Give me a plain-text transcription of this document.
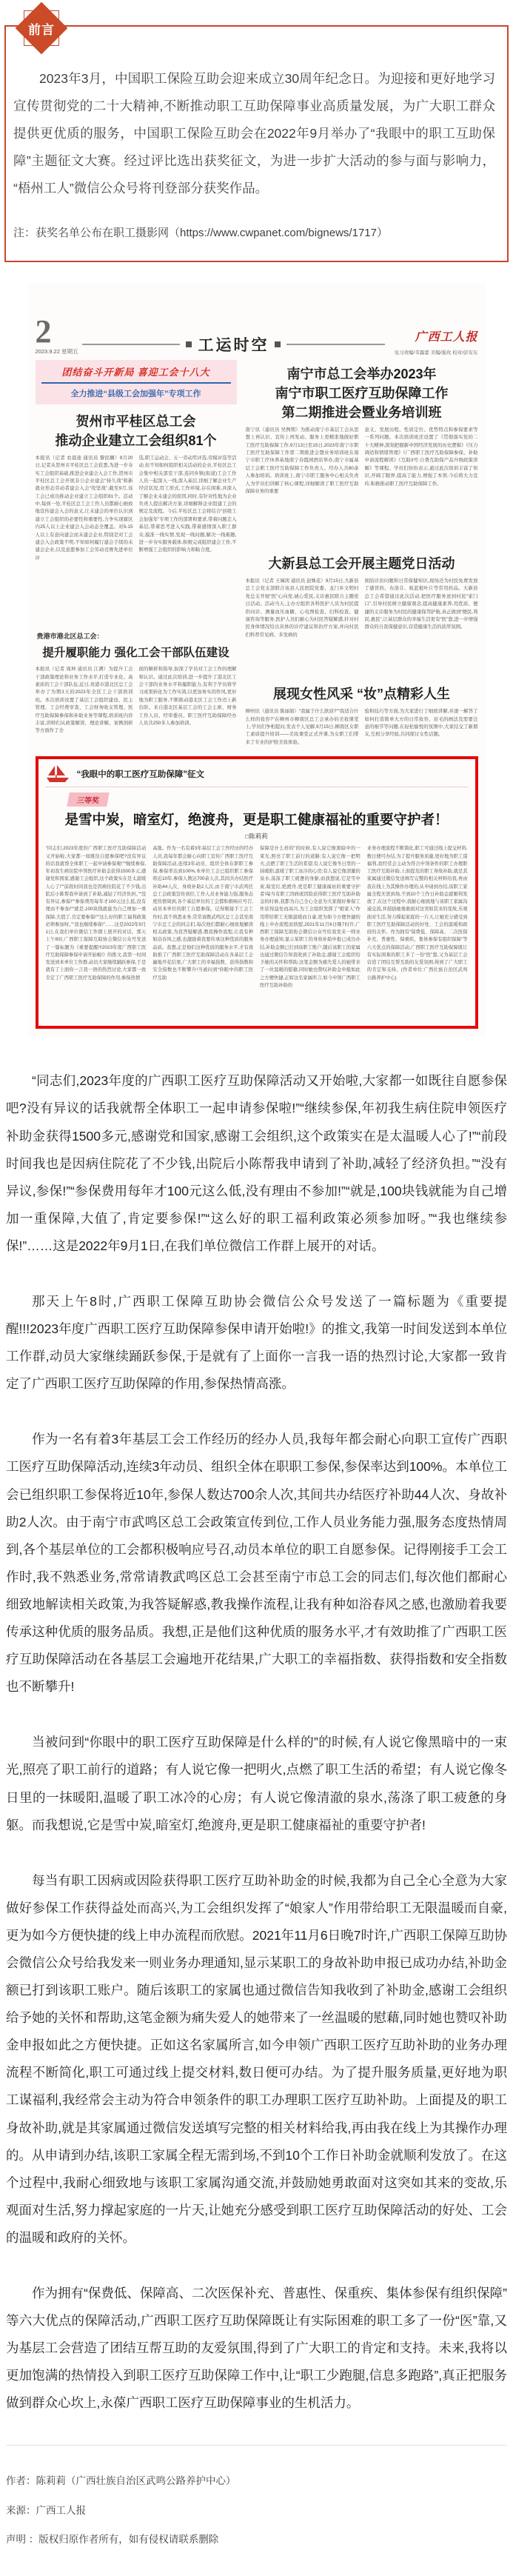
前言
2023年3月，中国职工保险互助会迎来成立30周年纪念日。为迎接和更好地学习宣传贯彻党的二十大精神,不断推动职工互助保障事业高质量发展，为广大职工群众提供更优质的服务，中国职工保险互助会在2022年9月举办了“我眼中的职工互助保障”主题征文大赛。经过评比选出获奖征文，为进一步扩大活动的参与面与影响力，“梧州工人”微信公众号将刊登部分获奖作品。
注：获奖名单公布在职工摄影网（https://www.cwpanet.com/bignews/1717）
2
2023.9.22 星期五	工运时空	广西工人报
见习责编/韦露蕾 美编/强玫 校对/彭安东
团结奋斗开新局 喜迎工会十八大
全力推进“县级工会加强年”专项工作
贺州市平桂区总工会
推动企业建立工会组织81个
本报讯（记者 农晨迪 通讯员 黎民願）9月20日,记者从贺州市平桂区总工会获悉,为进一步夯实工会组织基础,推进企业建会入会工作,贺州市平桂区总工会开展非公企业建会“持久战”和新就业形态劳动者建会入会“攻坚战”,截至9月,该工会已成功推动企业建立工会组织81个。活动中,每到一处,平桂区总工会工作人员都耐心细致地宣传建会入会的意义,让未建会的单位认识到建立工会组织的必要性和重要性,力争实现辖区内25人以上企业建会入会动态全覆盖。对5-15人以上有意向建会而未建会企业,特别是对工会建会入会政策不明,不知如何履行建会手续的未建会企业,以及意愿参加工会劳动竞赛先进单位评
选,职工运动会、五一劳动奖评选,劳模评选等活动,但不知如何组织相关活动的企业,平桂区总工会集中相关部室干部,连同乡镇(街道)工会工作人员一起深入一线,深入基层,详细了解企业生产经营状况,用工形式,工作环境,存在困难,并深入了解企业未建会的原因,同时,有针对性地为企业负责人提出解决方案,详细解释企业组建工会的规定及流程。今后,平桂区总工会将结合“县级工会加强年”专项工作的部署和要求,带着问题走入基层,带着思考进入实践,带着感情深入职工群众,摸准一线实情,发现一线问题,解决一线难题,进一步夯实服务载体,积极完成组织建会工作,不断增强工会组织的影响力和粘合度。
贵港市港北区总工会：
提升履职能力 强化工会干部队伍建设
本报讯（记者 周坤 通讯员 江满）为提升工会干部政策理论和业务工作水平,打造专业化、高素质的工会干部队伍,近日,贵港市港北区总工会举办了为期3天的2023年全区工会干部培训班。本次培训设置了基层工会组织建设、民主管理、工会经费审查、工会财务收支管理、医疗互助保障参保和补助业务等课程,培训班内容丰富,讲师们从政策解读、理论讲解、案例剖析等方面作了全
面的解析和指导,加深了学员对工会工作的理解和认识。通过此次培训,进一步提升了港北区工会干部的业务水平和履职能力,有利于学员将学习成果转化为工作实效,以更加务实的作风,更好地为职工服务,不断推动港北区工会工作迈上新台阶。来自港北区基层工会的工会主席、财务工作人员、经审委员、职工医疗互助保障经办人员共250多人参加培训。
南宁市总工会举办2023年
南宁市职工医疗互助保障工作
第二期推进会暨业务培训班
南宁讯（通讯员 吴例期）为推动南宁市基层工会从思想上再认识、宣传上再发动、服务上更精准地做好职工医疗互助保障工作,9月13日至15日,2023年南宁市职工医疗互助保障工作第二期推进会暨业务培训班在南宁市职工疗休养基地南宁春霞园酒店举办,南宁市属基层工会职工医疗互助保障工作负责人、经办人共80余人参加培训。培训班上,南宁市职工服务中心相关负责人为学员们讲解了核心课程,详细解读了职工医疗互助保障业务的重要
意义、发展历程、性质定位、优势特点和参保要求等一系列问题。本次培训班还设置了《贯彻落实党的二十大精神,深刻把握新中国经济发展的历史逻辑》《压力调适和情绪管理》《广西职工医疗互助保障参保、补助申请流程解读》《互助3号:自费互助保产品升级政策讲解》等课程。学员们纷纷表示,通过此次培训丰富了知识,开阔了眼界,提高了能力,增强了本领,今后将大力宣传,积极推动职工医疗互助保障工作。
大新县总工会开展主题党日活动
本报讯（记者 王娣茜 通讯员 赵姝花）9月15日,大新县总工会党支部联合该县人民医院党委、龙门乡文明村党总支开展“医”心向党,诚心爱民,义诊惠民联合主题党日活动。活动当天,主办方组织各科医护人员为村民提供问诊、测量血压血糖、心电图检查、妇科检查、健康咨询等服务,医护人员们耐心为村民答疑解惑,针对村民身体情况给出具体的诊疗建议和治疗方案,并向村民们科普常见病、多发病的
预防诊治问题和日常保健知识,现场还为村民免费发放了感冒药、布洛芬、板蓝根叶片等常用药品。大新县总工会希望通过此次活动,把医疗服务送到村民“家门口”,引导村民树立健康观念,提高健康素养,用优质、便捷的义诊服务为村民的健康保驾护航,真正做到“便民,利民,惠民”,让基层群众的幸福生活更有“医”靠,进一步增强群众的自我保健意识,营造健康生活的浓厚氛围。
展现女性风采 “妆”点精彩人生
柳州讯（通讯员 陈丽娟）“我属于什么肤质?”“我适合什么样的妆容?”在柳州市柳南区总工会承办的美妆课堂上,学员们争相提问,发表个人见解,9月15日,柳南区女职工素质提升培训——美妆课堂正式开课,为女职工们带来了专业的护肤美妆体验。
验和技巧等方面,为大家进行了细致讲解,并逐一解答了如何打造简单大方的日常妆容、眉毛的画法及需要注意的细节等问题,在轻松愉悦的氛围中,大家结交了新朋友,互相分享经验,共同探讨女性话题。
“我眼中的职工医疗互助保障”征文
三等奖
是雪中炭，暗室灯，绝渡舟，更是职工健康福祉的重要守护者！
□陈莉莉
“同志们,2023年度的广西职工医疗互助保障活动又开始啦,大家都一如既往自愿参保吧?没有异议的话我就帮全体职工一起申请参保啦!”“继续参保,年初我生病住院申领医疗补助金获得1500多元,感谢党和国家,感谢工会组织,这个政策实在是太温暖人心了!”“前段时间我也是因病住院花了不少钱,出院后小陈帮我申请到了补助,减轻了经济负担。”“没有异议,参保!”“参保费用每年才100元这么低,没有理由不参加!”“就是,100块钱就能为自己增加一重保障,大值了,肯定要参保!”“这么好的职工福利政策必须参加呀。”“我也继续参保!”……这是2022年9月1日,在我们单位微信工作群上展开的对话。那天上午8时,广西职工保障互助协会微信公众号发送了一篇标题为《重要提醒!!!2023年度广西职工医疗互助保障参保申请开始啦!》的推文,我第一时间发送到本单位工作群,动员大家继续踊跃参保,于是就有了上面你一言我一语的热烈讨论,大家都一致肯定了广西职工医疗互助保障的作用,参保热情
高涨。作为一名有着3年基层工会工作经历的经办人员,我每年都会耐心向职工宣传广西职工医疗互助保障活动,连续3年动员、组织全体在职职工参保,参保率达到100%,本单位工会已组织职工参保将近10年,参保人数达700余人次,其间共办结医疗补助44人次、身故补助2人次,由于南宁市武鸣区总工会政策宣传到位,工作人员业务能力强,服务态度热情周到,各个基层单位的工会都积极响应号召,动员本单位的职工自愿参保。记得刚接手工会工作时,我不熟悉业务,常常请教武鸣区总工会甚至南宁市总工会的同志们,每次他们都耐心细致地解读相关政策,为我答疑解惑,教我操作流程,让我有种如浴春风之感,也激励着我要传承这种优质的服务品质。我想,正是他们这种优质的服务水平,才有效助推了广西职工医疗互助保障活动在各基层工会遍地开花结果,广大职工的幸福指数、获得指数和安全指数也不断攀升!当被问到“你眼中的职工医疗互助
保障是什么样的”的时候,有人说它像黑暗中的一束光,照亮了职工前行的道路;有人说它像一把明火,点燃了职工生活的希望;有人说它像冬日里的一抹暖阳,温暖了职工冰冷的心房;有人说它像清澈的泉水,荡涤了职工疲惫的身躯,而我想说,它是雪中炭,暗室灯,绝渡舟,更是职工健康福祉的重要守护者!每当有职工因病或因险获得职工医疗互助补助金的时候,我都为自己全心全意为大家做好参保工作获得益处而高兴,为工会组织发挥了“娘家人”作用带给职工无限温暖而自豪,更为如今方便快捷的线上申办流程而欣慰,2021年11月6日晚7时许,广西职工保障互助协会微信公众号给我发来一则业务办理通知,显示某职工的身故补助申报已成功办结,补助金额已打到该职工账户,随后该职工的家属也通过微信告知我收到了补助金,感谢工会组织给予她的关怀和帮助,这笔金额为痛失爱人的她带来了一丝温暖的慰藉,同时她也赞叹补助金申报如此之方便快捷,正如这名家属所言,如今申领广西职工医疗互助补助的
业务办理流程不断简化,职工可通过线上提交材料,数日便可办结,为了提升服务质量,更好地为职工谋福利,我经常会主动为符合申领条件的职工办理职工医疗互助补助,上面提及的职工身故补助,就是其家属通过微信发送填写完整的相关材料给我,再由我在线上为其操作办理的,从申请到办结,该职工家属全程无需到场,不到10个工作日补助金就顺利发放了,在这个过程中,我耐心细致地与该职工家属沟通交流,并鼓励她勇敢面对这突如其来的变故,乐观面对生活,努力撑起家庭的一片天,让她充分感受到职工医疗互助保障活动的好处、工会的温暖和政府的关怀。作为拥有“保费低、保障高、二次医保补充、普惠性、保重疾、集体参保有组织保障”等六大优点的保障活动,广西职工医疗互助保障既让有实际困难的职工多了一份“医”靠,又为基层工会营造了团结互帮互助的友爱氛围,得到了广大职工的肯定和支持。(作者单位:广西壮族自治区武鸣公路养护中心)

“同志们,2023年度的广西职工医疗互助保障活动又开始啦,大家都一如既往自愿参保吧?没有异议的话我就帮全体职工一起申请参保啦!”“继续参保,年初我生病住院申领医疗补助金获得1500多元,感谢党和国家,感谢工会组织,这个政策实在是太温暖人心了!”“前段时间我也是因病住院花了不少钱,出院后小陈帮我申请到了补助,减轻了经济负担。”“没有异议,参保!”“参保费用每年才100元这么低,没有理由不参加!”“就是,100块钱就能为自己增加一重保障,大值了,肯定要参保!”“这么好的职工福利政策必须参加呀。”“我也继续参保!”……这是2022年9月1日,在我们单位微信工作群上展开的对话。

那天上午8时,广西职工保障互助协会微信公众号发送了一篇标题为《重要提醒!!!2023年度广西职工医疗互助保障参保申请开始啦!》的推文,我第一时间发送到本单位工作群,动员大家继续踊跃参保,于是就有了上面你一言我一语的热烈讨论,大家都一致肯定了广西职工医疗互助保障的作用,参保热情高涨。

作为一名有着3年基层工会工作经历的经办人员,我每年都会耐心向职工宣传广西职工医疗互助保障活动,连续3年动员、组织全体在职职工参保,参保率达到100%。本单位工会已组织职工参保将近10年,参保人数达700余人次,其间共办结医疗补助44人次、身故补助2人次。由于南宁市武鸣区总工会政策宣传到位,工作人员业务能力强,服务态度热情周到,各个基层单位的工会都积极响应号召,动员本单位的职工自愿参保。记得刚接手工会工作时,我不熟悉业务,常常请教武鸣区总工会甚至南宁市总工会的同志们,每次他们都耐心细致地解读相关政策,为我答疑解惑,教我操作流程,让我有种如浴春风之感,也激励着我要传承这种优质的服务品质。我想,正是他们这种优质的服务水平,才有效助推了广西职工医疗互助保障活动在各基层工会遍地开花结果,广大职工的幸福指数、获得指数和安全指数也不断攀升!

当被问到“你眼中的职工医疗互助保障是什么样的”的时候,有人说它像黑暗中的一束光,照亮了职工前行的道路；有人说它像一把明火,点燃了职工生活的希望；有人说它像冬日里的一抹暖阳,温暖了职工冰冷的心房；有人说它像清澈的泉水,荡涤了职工疲惫的身躯。而我想说,它是雪中炭,暗室灯,绝渡舟,更是职工健康福祉的重要守护者!

每当有职工因病或因险获得职工医疗互助补助金的时候,我都为自己全心全意为大家做好参保工作获得益处而高兴,为工会组织发挥了“娘家人”作用带给职工无限温暖而自豪,更为如今方便快捷的线上申办流程而欣慰。2021年11月6日晚7时许,广西职工保障互助协会微信公众号给我发来一则业务办理通知,显示某职工的身故补助申报已成功办结,补助金额已打到该职工账户。随后该职工的家属也通过微信告知我收到了补助金,感谢工会组织给予她的关怀和帮助,这笔金额为痛失爱人的她带来了一丝温暖的慰藉,同时她也赞叹补助金申报如此之方便快捷。正如这名家属所言,如今申领广西职工医疗互助补助的业务办理流程不断简化,职工可通过线上提交材料,数日便可办结。为了提升服务质量,更好地为职工谋福利,我经常会主动为符合申领条件的职工办理职工医疗互助补助。上面提及的职工身故补助,就是其家属通过微信发送填写完整的相关材料给我,再由我在线上为其操作办理的。从申请到办结,该职工家属全程无需到场,不到10个工作日补助金就顺利发放了。在这个过程中,我耐心细致地与该职工家属沟通交流,并鼓励她勇敢面对这突如其来的变故,乐观面对生活,努力撑起家庭的一片天,让她充分感受到职工医疗互助保障活动的好处、工会的温暖和政府的关怀。

作为拥有“保费低、保障高、二次医保补充、普惠性、保重疾、集体参保有组织保障”等六大优点的保障活动,广西职工医疗互助保障既让有实际困难的职工多了一份“医”靠,又为基层工会营造了团结互帮互助的友爱氛围,得到了广大职工的肯定和支持。未来,我将以更加饱满的热情投入到职工医疗互助保障工作中,让“职工少跑腿,信息多跑路”,真正把服务做到群众心坎上,永葆广西职工医疗互助保障事业的生机活力。

作者：陈莉莉（广西壮族自治区武鸣公路养护中心）
来源：广西工人报
声明 ：版权归原作者所有，如有侵权请联系删除
